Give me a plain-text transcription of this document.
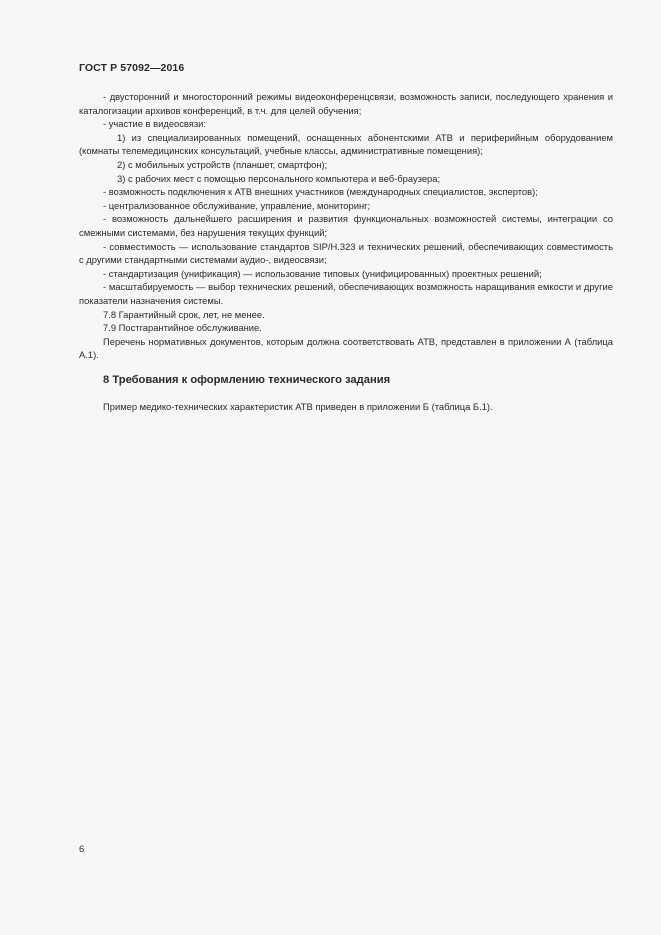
ГОСТ Р 57092—2016

- двусторонний и многосторонний режимы видеоконференцсвязи, возможность записи, последующего хранения и каталогизации архивов конференций, в т.ч. для целей обучения;

- участие в видеосвязи:

1) из специализированных помещений, оснащенных абонентскими АТВ и периферийным оборудованием (комнаты телемедицинских консультаций, учебные классы, административные помещения);

2) с мобильных устройств (планшет, смартфон);

3) с рабочих мест с помощью персонального компьютера и веб-браузера;

- возможность подключения к АТВ внешних участников (международных специалистов, экспертов);

- централизованное обслуживание, управление, мониторинг;

- возможность дальнейшего расширения и развития функциональных возможностей системы, интеграции со смежными системами, без нарушения текущих функций;

- совместимость — использование стандартов SIP/H.323 и технических решений, обеспечивающих совместимость с другими стандартными системами аудио-, видеосвязи;

- стандартизация (унификация) — использование типовых (унифицированных) проектных решений;

- масштабируемость — выбор технических решений, обеспечивающих возможность наращивания емкости и другие показатели назначения системы.

7.8 Гарантийный срок, лет, не менее.

7.9 Постгарантийное обслуживание.

Перечень нормативных документов, которым должна соответствовать АТВ, представлен в приложении А (таблица А.1).

8 Требования к оформлению технического задания

Пример медико-технических характеристик АТВ приведен в приложении Б (таблица Б.1).

6
